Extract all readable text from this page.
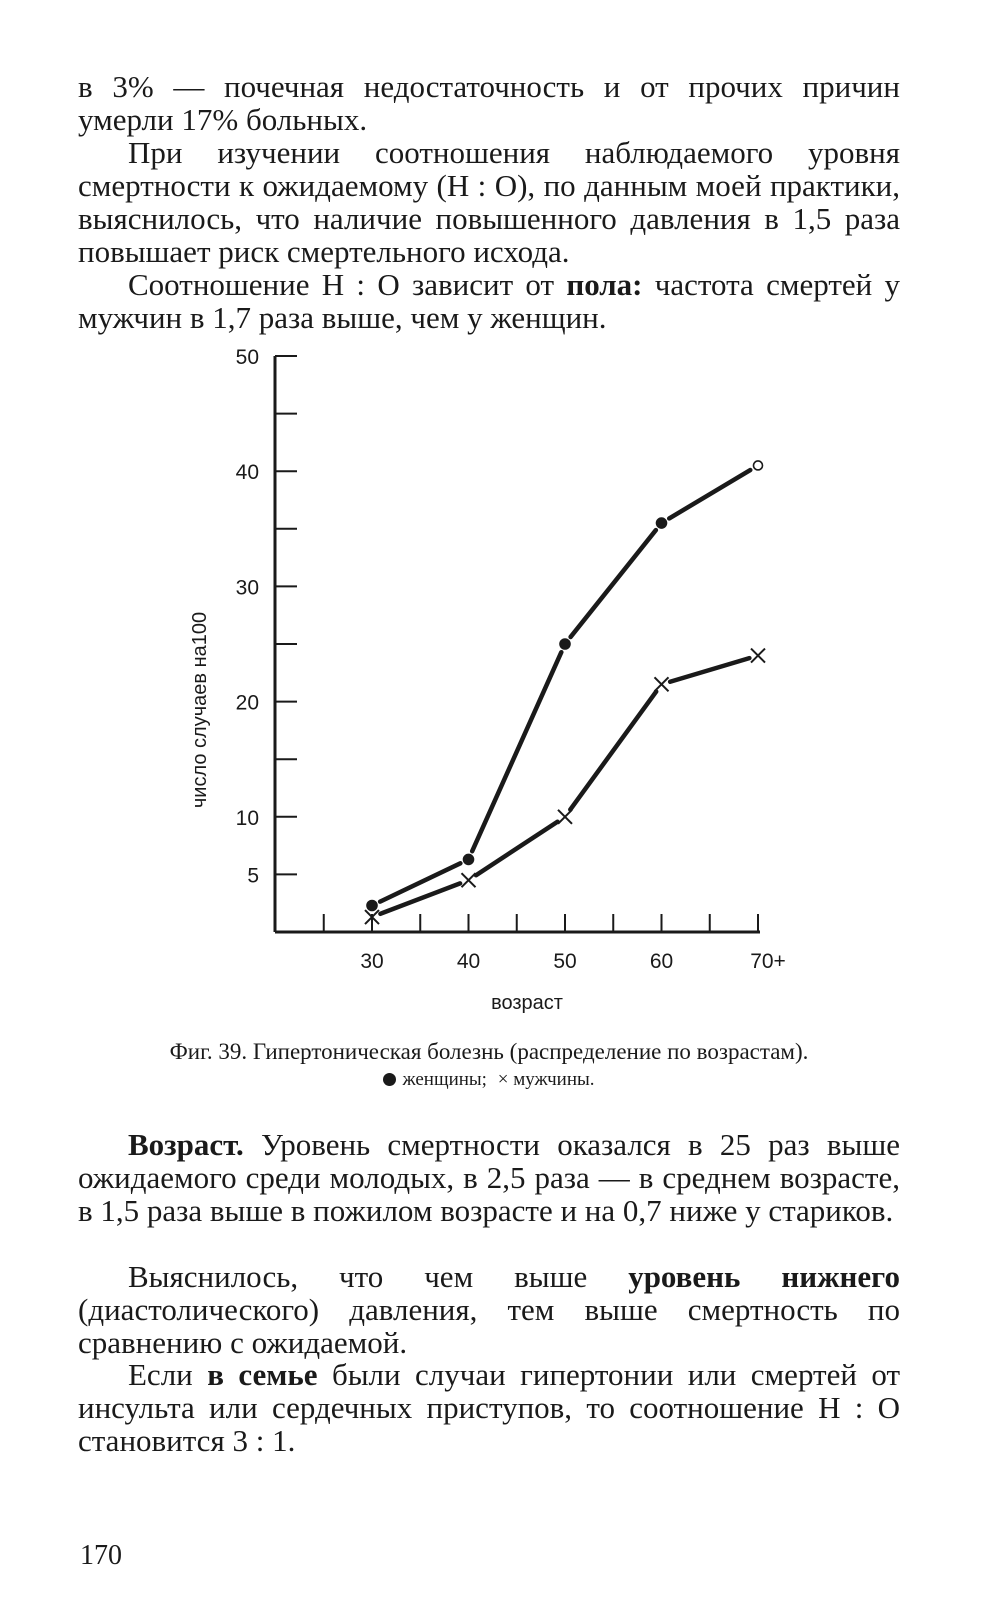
в 3% — почечная недостаточность и от прочих причин умерли 17% больных.

При изучении соотношения наблюдаемого уровня смертности к ожидаемому (Н : О), по данным моей практики, выяснилось, что наличие повышенного давления в 1,5 раза повышает риск смертельного исхода.

Соотношение Н : О зависит от пола: частота смертей у мужчин в 1,7 раза выше, чем у женщин.

5
10
20
30
40
50
30	40	50	60	70+
число случаев на100
возраст
Фиг. 39. Гипертоническая болезнь (распределение по возрастам).
женщины; × мужчины.

Возраст. Уровень смертности оказался в 25 раз выше ожидаемого среди молодых, в 2,5 раза — в среднем возрасте, в 1,5 раза выше в пожилом возрасте и на 0,7 ниже у стариков.

Выяснилось, что чем выше уровень нижнего (диастолического) давления, тем выше смертность по сравнению с ожидаемой.

Если в семье были случаи гипертонии или смертей от инсульта или сердечных приступов, то соотношение Н : О становится 3 : 1.

170
